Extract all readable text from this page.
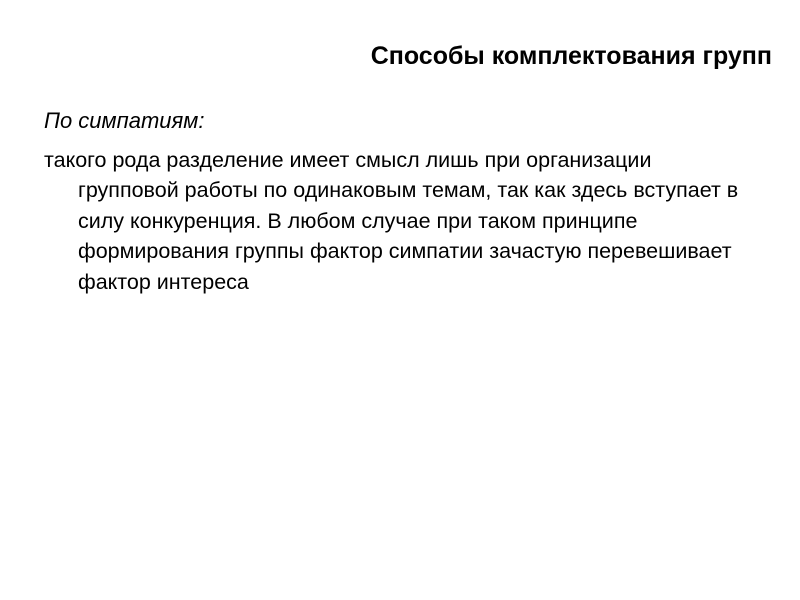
Способы комплектования групп

По симпатиям:

такого рода разделение имеет смысл лишь при организации групповой работы по одинаковым темам, так как здесь вступает в силу конкуренция. В любом случае при таком принципе формирования группы фактор симпатии зачастую перевешивает фактор интереса
